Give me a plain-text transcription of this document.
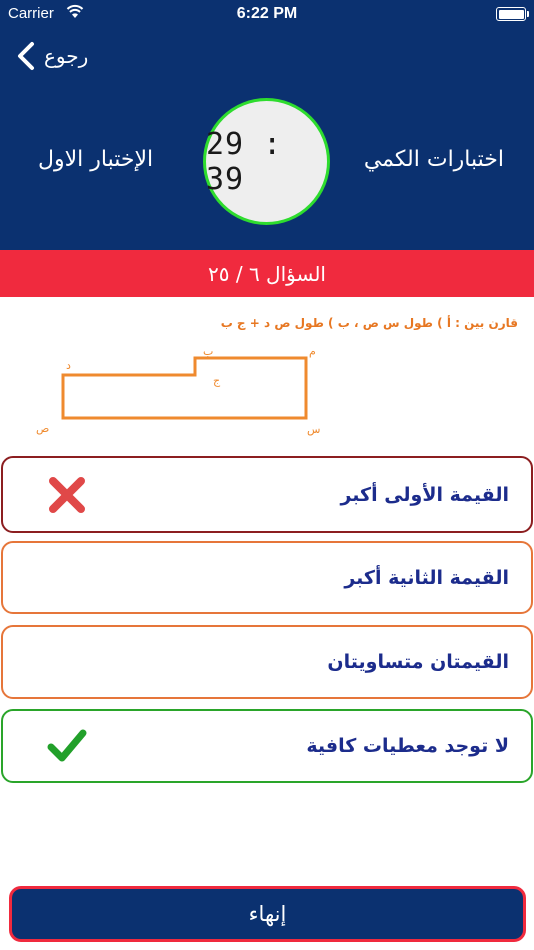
Carrier	6:22 PM
رجوع
اختبارات الكمي
29 : 39
الإختبار الاول
السؤال ٦ / ٢٥
قارن بين : أ ) طول س ص ، ب ) طول ص د + ج ب
م
ب
ج
د
س
ص
القيمة الأولى أكبر
القيمة الثانية أكبر
القيمتان متساويتان
لا توجد معطيات كافية
إنهاء
